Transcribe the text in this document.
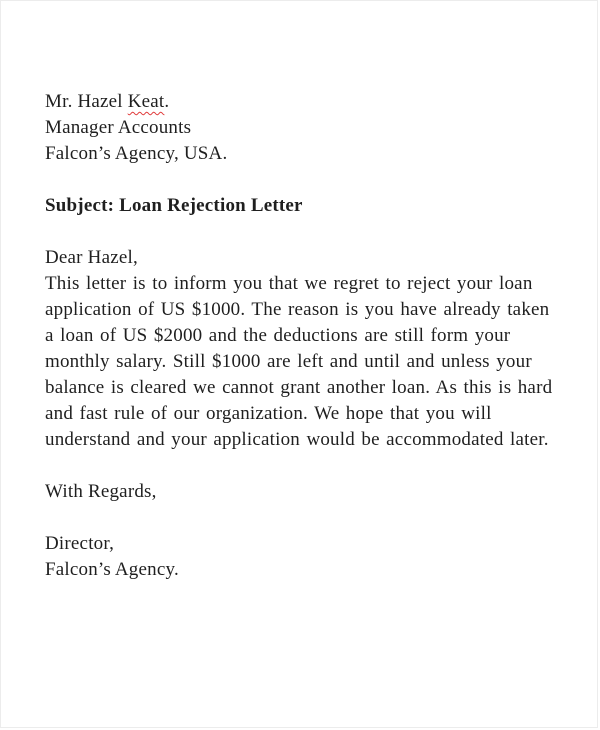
Mr. Hazel Keat.

Manager Accounts

Falcon’s Agency, USA.

Subject: Loan Rejection Letter

Dear Hazel,

This letter is to inform you that we regret to reject your loan application of US $1000. The reason is you have already taken a loan of US $2000 and the deductions are still form your monthly salary. Still $1000 are left and until and unless your balance is cleared we cannot grant another loan. As this is hard and fast rule of our organization. We hope that you will understand and your application would be accommodated later.

With Regards,

Director,

Falcon’s Agency.
